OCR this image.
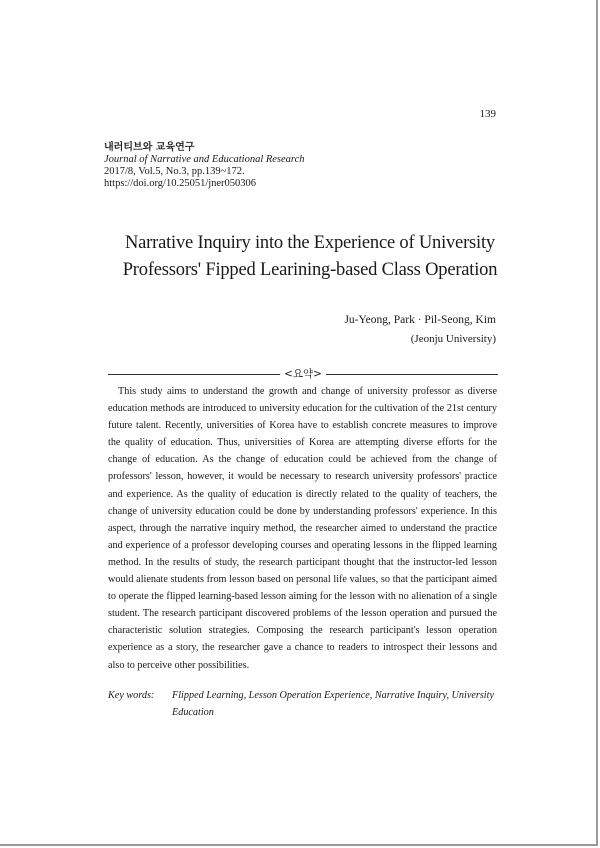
139
내러티브와 교육연구
Journal of Narrative and Educational Research
2017/8, Vol.5, No.3, pp.139~172.
https://doi.org/10.25051/jner050306
Narrative Inquiry into the Experience of University
Professors' Fipped Learining-based Class Operation
Ju-Yeong, Park · Pil-Seong, Kim
(Jeonju University)
<요약>

This study aims to understand the growth and change of university professor as diverse education methods are introduced to university education for the cultivation of the 21st century future talent. Recently, universities of Korea have to establish concrete measures to improve the quality of education. Thus, universities of Korea are attempting diverse efforts for the change of education. As the change of education could be achieved from the change of professors' lesson, however, it would be necessary to research university professors' practice and experience. As the quality of education is directly related to the quality of teachers, the change of university education could be done by understanding professors' experience. In this aspect, through the narrative inquiry method, the researcher aimed to understand the practice and experience of a professor developing courses and operating lessons in the flipped learning method. In the results of study, the research participant thought that the instructor-led lesson would alienate students from lesson based on personal life values, so that the participant aimed to operate the flipped learning-based lesson aiming for the lesson with no alienation of a single student. The research participant discovered problems of the lesson operation and pursued the characteristic solution strategies. Composing the research participant's lesson operation experience as a story, the researcher gave a chance to readers to introspect their lessons and also to perceive other possibilities.

Key words:	Flipped Learning, Lesson Operation Experience, Narrative Inquiry, University Education
